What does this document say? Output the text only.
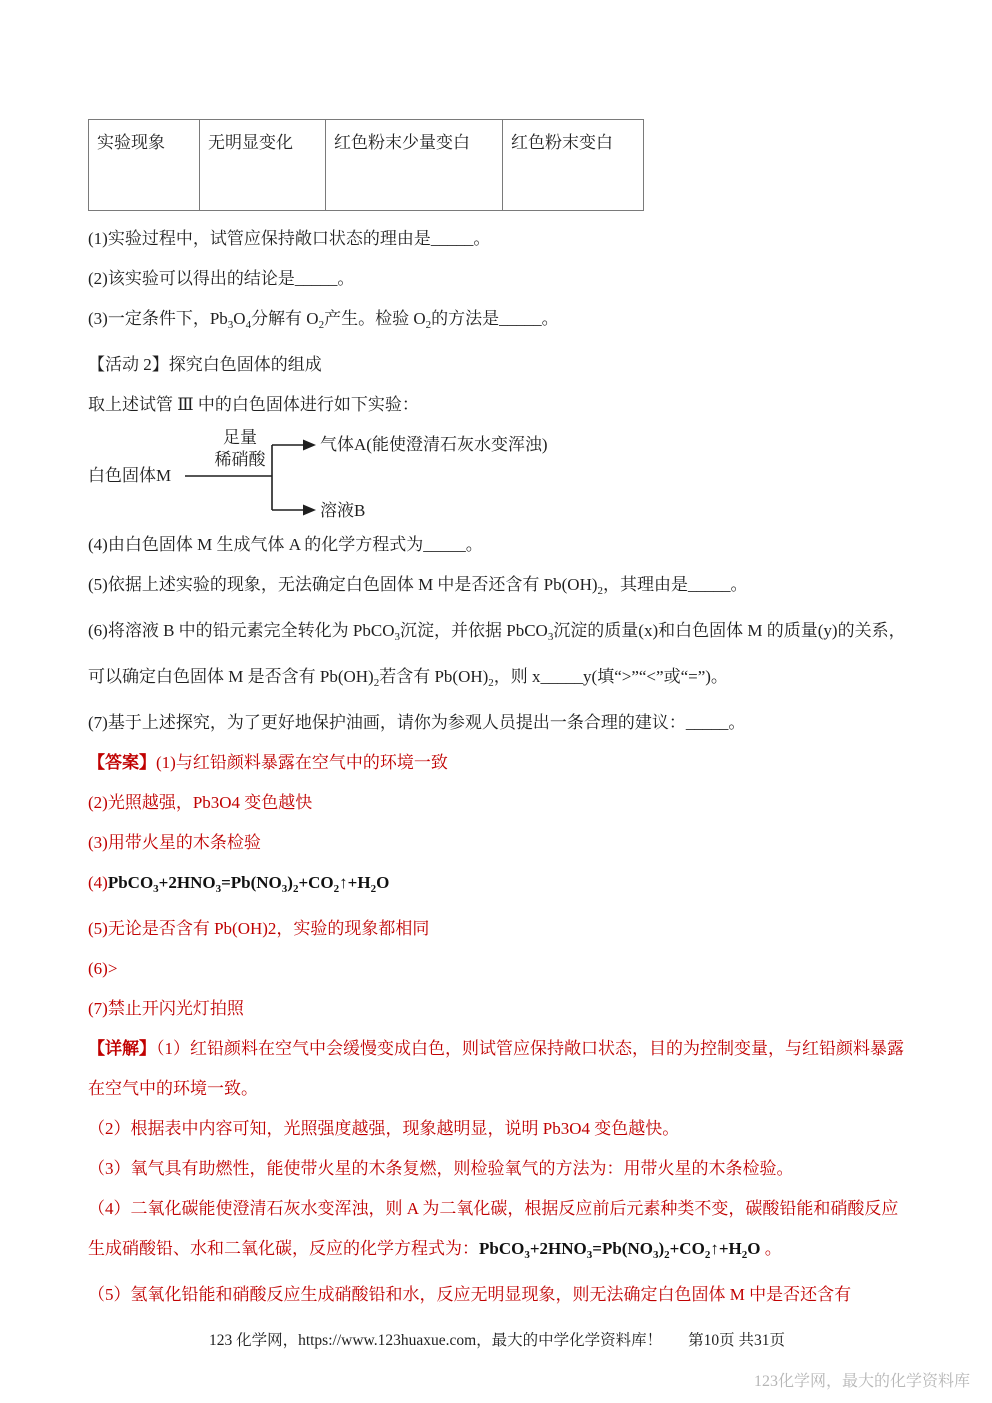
实验现象	无明显变化	红色粉末少量变白	红色粉末变白
(1)实验过程中，试管应保持敞口状态的理由是_____。
(2)该实验可以得出的结论是_____。
(3)一定条件下，$Pb_3O_4$分解有 $O_2$产生。检验 $O_2$的方法是_____。
【活动 2】探究白色固体的组成
取上述试管 Ⅲ 中的白色固体进行如下实验：
白色固体M
足量
稀硝酸
气体A(能使澄清石灰水变浑浊)
溶液B
(4)由白色固体 M 生成气体 A 的化学方程式为_____。
(5)依据上述实验的现象，无法确定白色固体 M 中是否还含有 $Pb(OH)_2$，其理由是_____。
(6)将溶液 B 中的铅元素完全转化为 PbCO$_3$沉淀，并依据 PbCO$_3$沉淀的质量(x)和白色固体 M 的质量(y)的关系，可以确定白色固体 M 是否含有 $Pb(OH)_2$若含有 $Pb(OH)_2$，则 x_____y(填“>”“<”或“=”)。
(7)基于上述探究，为了更好地保护油画，请你为参观人员提出一条合理的建议：_____。
【答案】(1)与红铅颜料暴露在空气中的环境一致
(2)光照越强，Pb3O4 变色越快
(3)用带火星的木条检验
$(4)PbCO_3+2HNO_3=Pb(NO_3)_2+CO_2↑+H_2O$
(5)无论是否含有 Pb(OH)2，实验的现象都相同
(6)>
(7)禁止开闪光灯拍照
【详解】（1）红铅颜料在空气中会缓慢变成白色，则试管应保持敞口状态，目的为控制变量，与红铅颜料暴露在空气中的环境一致。
（2）根据表中内容可知，光照强度越强，现象越明显，说明 Pb3O4 变色越快。
（3）氧气具有助燃性，能使带火星的木条复燃，则检验氧气的方法为：用带火星的木条检验。
（4）二氧化碳能使澄清石灰水变浑浊，则 A 为二氧化碳，根据反应前后元素种类不变，碳酸铅能和硝酸反应生成硝酸铅、水和二氧化碳，反应的化学方程式为：$PbCO_3+2HNO_3=Pb(NO_3)_2+CO_2↑+H_2O$ 。
（5）氢氧化铅能和硝酸反应生成硝酸铅和水，反应无明显现象，则无法确定白色固体 M 中是否还含有
123 化学网，https://www.123huaxue.com，最大的中学化学资料库！ 第10页 共31页
123化学网，最大的化学资料库
